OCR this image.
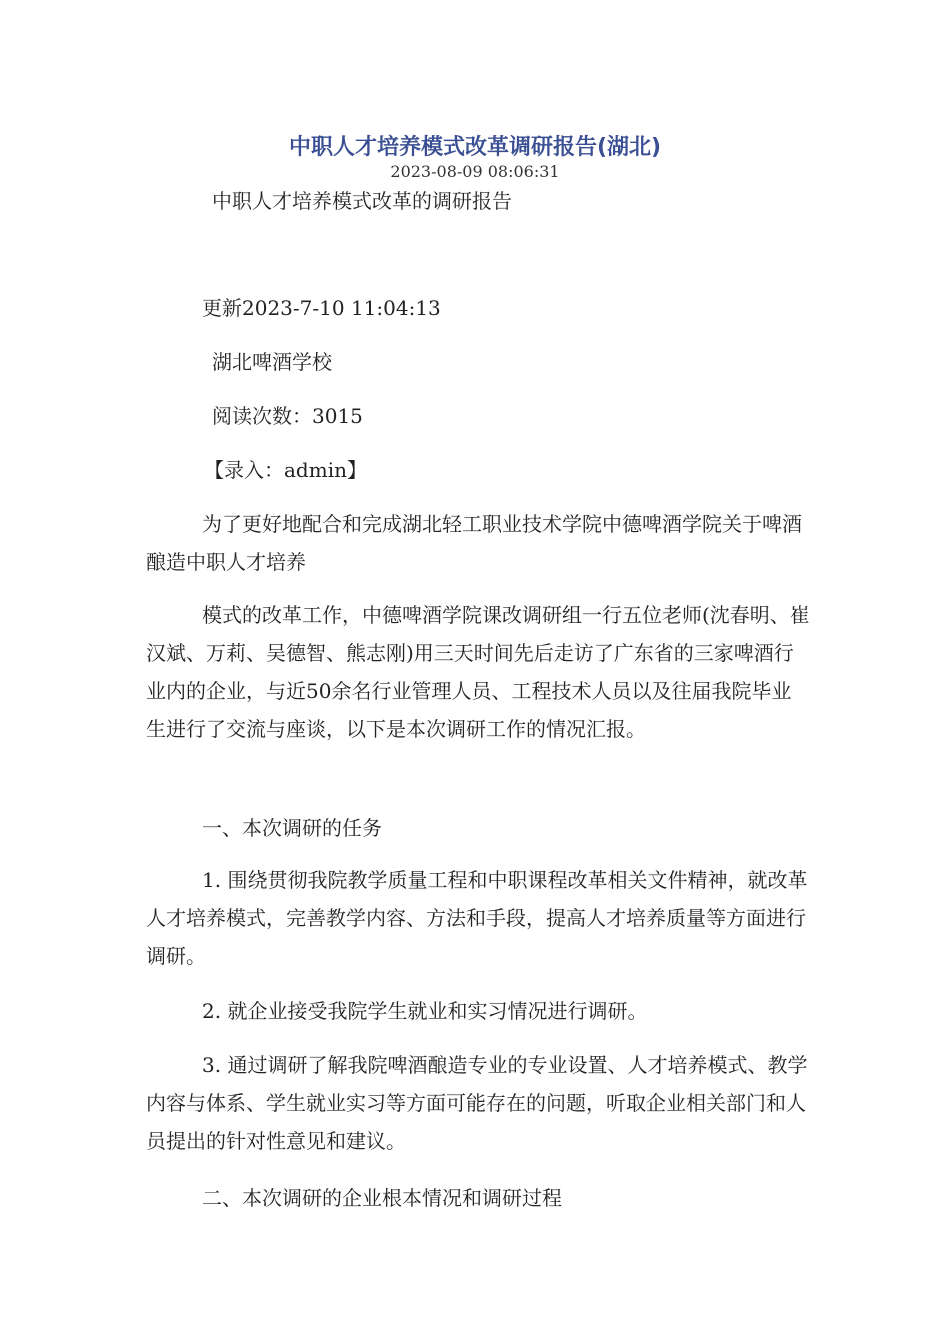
中职人才培养模式改革调研报告(湖北)
2023-08-09 08:06:31
中职人才培养模式改革的调研报告
更新2023-7-10 11:04:13
湖北啤酒学校
阅读次数：3015
【录入：admin】

为了更好地配合和完成湖北轻工职业技术学院中德啤酒学院关于啤酒酿造中职人才培养

模式的改革工作，中德啤酒学院课改调研组一行五位老师(沈春明、崔汉斌、万莉、吴德智、熊志刚)用三天时间先后走访了广东省的三家啤酒行业内的企业，与近50余名行业管理人员、工程技术人员以及往届我院毕业生进行了交流与座谈，以下是本次调研工作的情况汇报。

一、本次调研的任务

1. 围绕贯彻我院教学质量工程和中职课程改革相关文件精神，就改革人才培养模式，完善教学内容、方法和手段，提高人才培养质量等方面进行调研。

2. 就企业接受我院学生就业和实习情况进行调研。

3. 通过调研了解我院啤酒酿造专业的专业设置、人才培养模式、教学内容与体系、学生就业实习等方面可能存在的问题，听取企业相关部门和人员提出的针对性意见和建议。

二、本次调研的企业根本情况和调研过程
